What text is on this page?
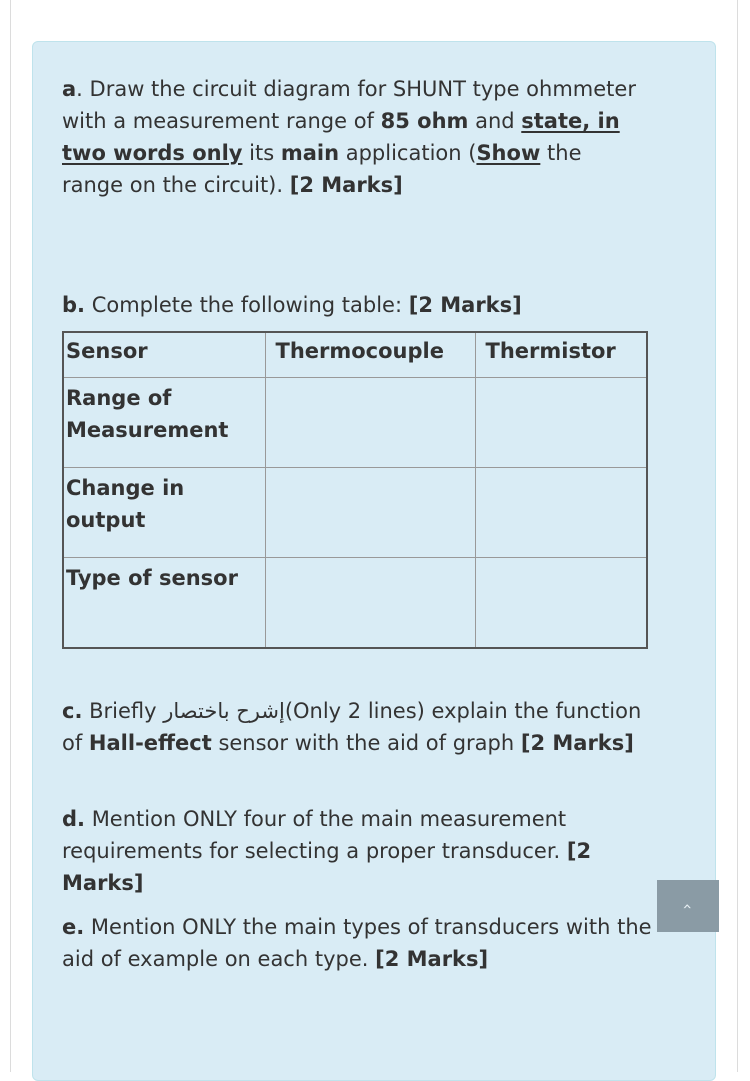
a. Draw the circuit diagram for SHUNT type ohmmeter with a measurement range of 85 ohm and state, in two words only its main application (Show the range on the circuit). [2 Marks]

b. Complete the following table: [2 Marks]

Sensor	Thermocouple	Thermistor
Range of Measurement		
Change in output		
Type of sensor		

c. Briefly إشرح باختصار(Only 2 lines) explain the function of Hall-effect sensor with the aid of graph [2 Marks]

d. Mention ONLY four of the main measurement requirements for selecting a proper transducer. [2 Marks]

e. Mention ONLY the main types of transducers with the aid of example on each type. [2 Marks]

‹
